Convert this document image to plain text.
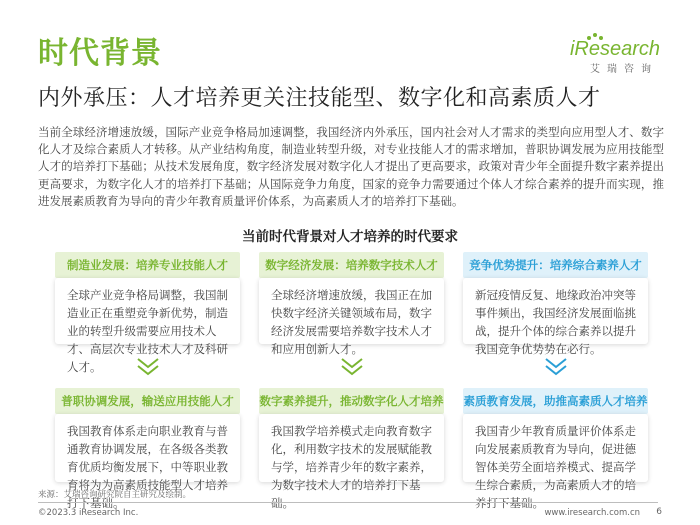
时代背景	iResearch
艾瑞咨询
内外承压：人才培养更关注技能型、数字化和高素质人才
当前全球经济增速放缓，国际产业竞争格局加速调整，我国经济内外承压，国内社会对人才需求的类型向应用型人才、数字化人才及综合素质人才转移。从产业结构角度，制造业转型升级，对专业技能人才的需求增加，普职协调发展为应用技能型人才的培养打下基础；从技术发展角度，数字经济发展对数字化人才提出了更高要求，政策对青少年全面提升数字素养提出更高要求，为数字化人才的培养打下基础；从国际竞争力角度，国家的竞争力需要通过个体人才综合素养的提升而实现，推进发展素质教育为导向的青少年教育质量评价体系，为高素质人才的培养打下基础。
当前时代背景对人才培养的时代要求
制造业发展：培养专业技能人才
全球产业竞争格局调整，我国制造业正在重塑竞争新优势，制造业的转型升级需要应用技术人才、高层次专业技术人才及科研人才。
普职协调发展，输送应用技能人才
我国教育体系走向职业教育与普通教育协调发展，在各级各类教育优质均衡发展下，中等职业教育将为为高素质技能型人才培养打下基础。
数字经济发展：培养数字技术人才
全球经济增速放缓，我国正在加快数字经济关键领域布局，数字经济发展需要培养数字技术人才和应用创新人才。
数字素养提升，推动数字化人才培养
我国教学培养模式走向教育数字化，利用数字技术的发展赋能教与学，培养青少年的数字素养，为数字技术人才的培养打下基础。
竞争优势提升：培养综合素养人才
新冠疫情反复、地缘政治冲突等事件频出，我国经济发展面临挑战，提升个体的综合素养以提升我国竞争优势势在必行。
素质教育发展，助推高素质人才培养
我国青少年教育质量评价体系走向发展素质教育为导向，促进德智体美劳全面培养模式、提高学生综合素质，为高素质人才的培养打下基础。
来源：艾瑞咨询研究院自主研究及绘制。
©2023.3 iResearch Inc.	www.iresearch.com.cn 6
